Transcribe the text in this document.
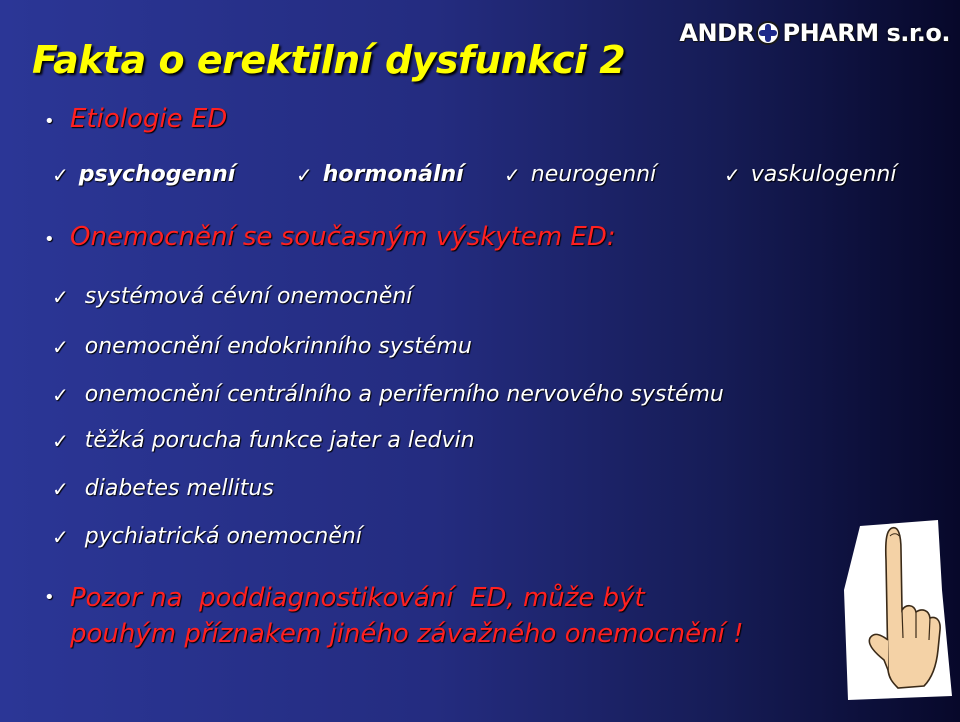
ANDR PHARM s.r.o.
Fakta o erektilní dysfunkci 2
• Etiologie ED
✓ psychogenní	✓ hormonální ✓ neurogenní	✓ vaskulogenní
• Onemocnění se současným výskytem ED:
✓ systémová cévní onemocnění
✓ onemocnění endokrinního systému
✓ onemocnění centrálního a periferního nervového systému
✓ těžká porucha funkce jater a ledvin
✓ diabetes mellitus
✓ pychiatrická onemocnění
• Pozor na  poddiagnostikování  ED, může být
pouhým příznakem jiného závažného onemocnění !
